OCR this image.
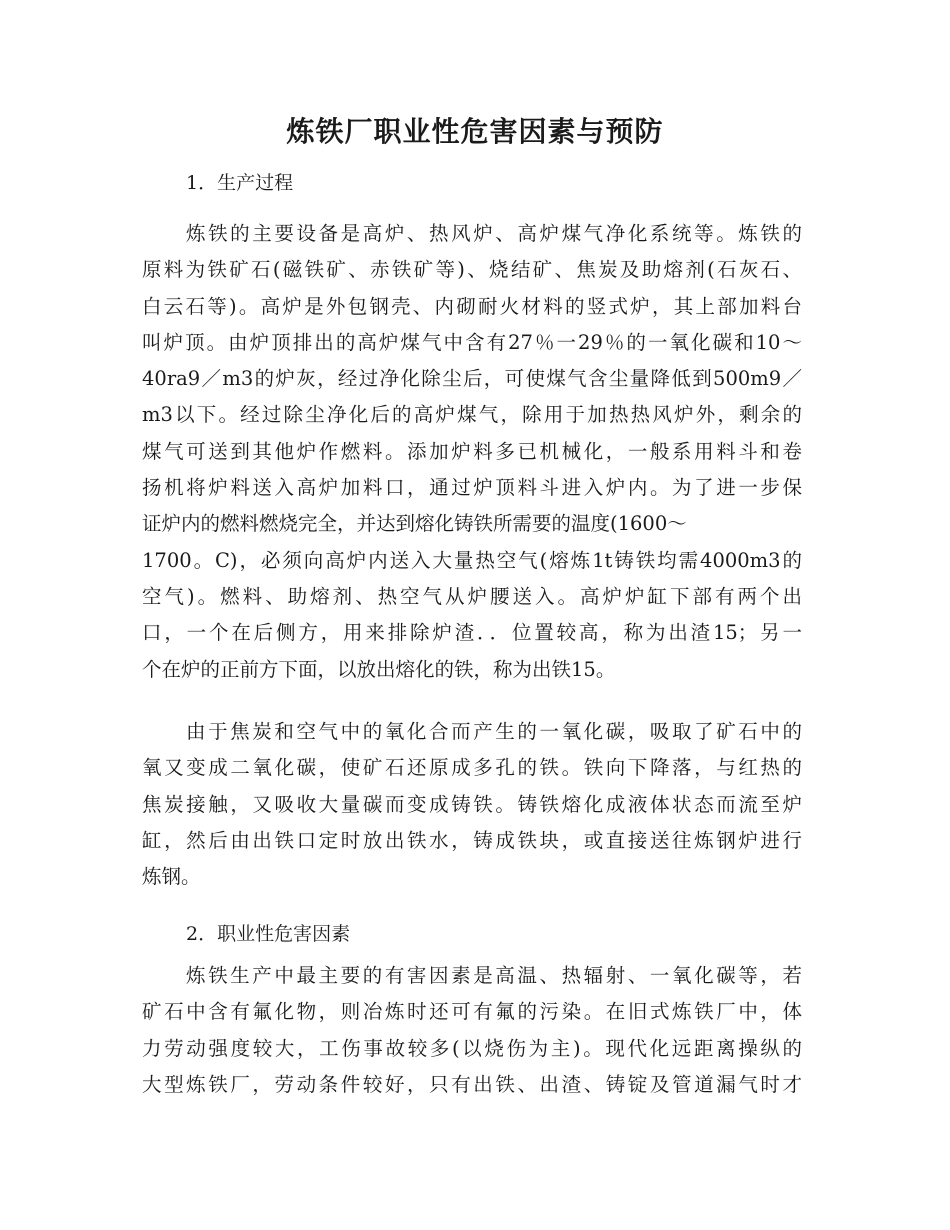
炼铁厂职业性危害因素与预防
1．生产过程
炼铁的主要设备是高炉、热风炉、高炉煤气净化系统等。炼铁的
原料为铁矿石(磁铁矿、赤铁矿等)、烧结矿、焦炭及助熔剂(石灰石、
白云石等)。高炉是外包钢壳、内砌耐火材料的竖式炉，其上部加料台
叫炉顶。由炉顶排出的高炉煤气中含有27％一29％的一氧化碳和10～
40ra9／m3的炉灰，经过净化除尘后，可使煤气含尘量降低到500m9／
m3以下。经过除尘净化后的高炉煤气，除用于加热热风炉外，剩余的
煤气可送到其他炉作燃料。添加炉料多已机械化，一般系用料斗和卷
扬机将炉料送入高炉加料口，通过炉顶料斗进入炉内。为了进一步保
证炉内的燃料燃烧完全，并达到熔化铸铁所需要的温度(1600～
1700。C)，必须向高炉内送入大量热空气(熔炼1t铸铁均需4000m3的
空气)。燃料、助熔剂、热空气从炉腰送入。高炉炉缸下部有两个出
口，一个在后侧方，用来排除炉渣．．位置较高，称为出渣15；另一
个在炉的正前方下面，以放出熔化的铁，称为出铁15。
由于焦炭和空气中的氧化合而产生的一氧化碳，吸取了矿石中的
氧又变成二氧化碳，使矿石还原成多孔的铁。铁向下降落，与红热的
焦炭接触，又吸收大量碳而变成铸铁。铸铁熔化成液体状态而流至炉
缸，然后由出铁口定时放出铁水，铸成铁块，或直接送往炼钢炉进行
炼钢。
2．职业性危害因素
炼铁生产中最主要的有害因素是高温、热辐射、一氧化碳等，若
矿石中含有氟化物，则冶炼时还可有氟的污染。在旧式炼铁厂中，体
力劳动强度较大，工伤事故较多(以烧伤为主)。现代化远距离操纵的
大型炼铁厂，劳动条件较好，只有出铁、出渣、铸锭及管道漏气时才
